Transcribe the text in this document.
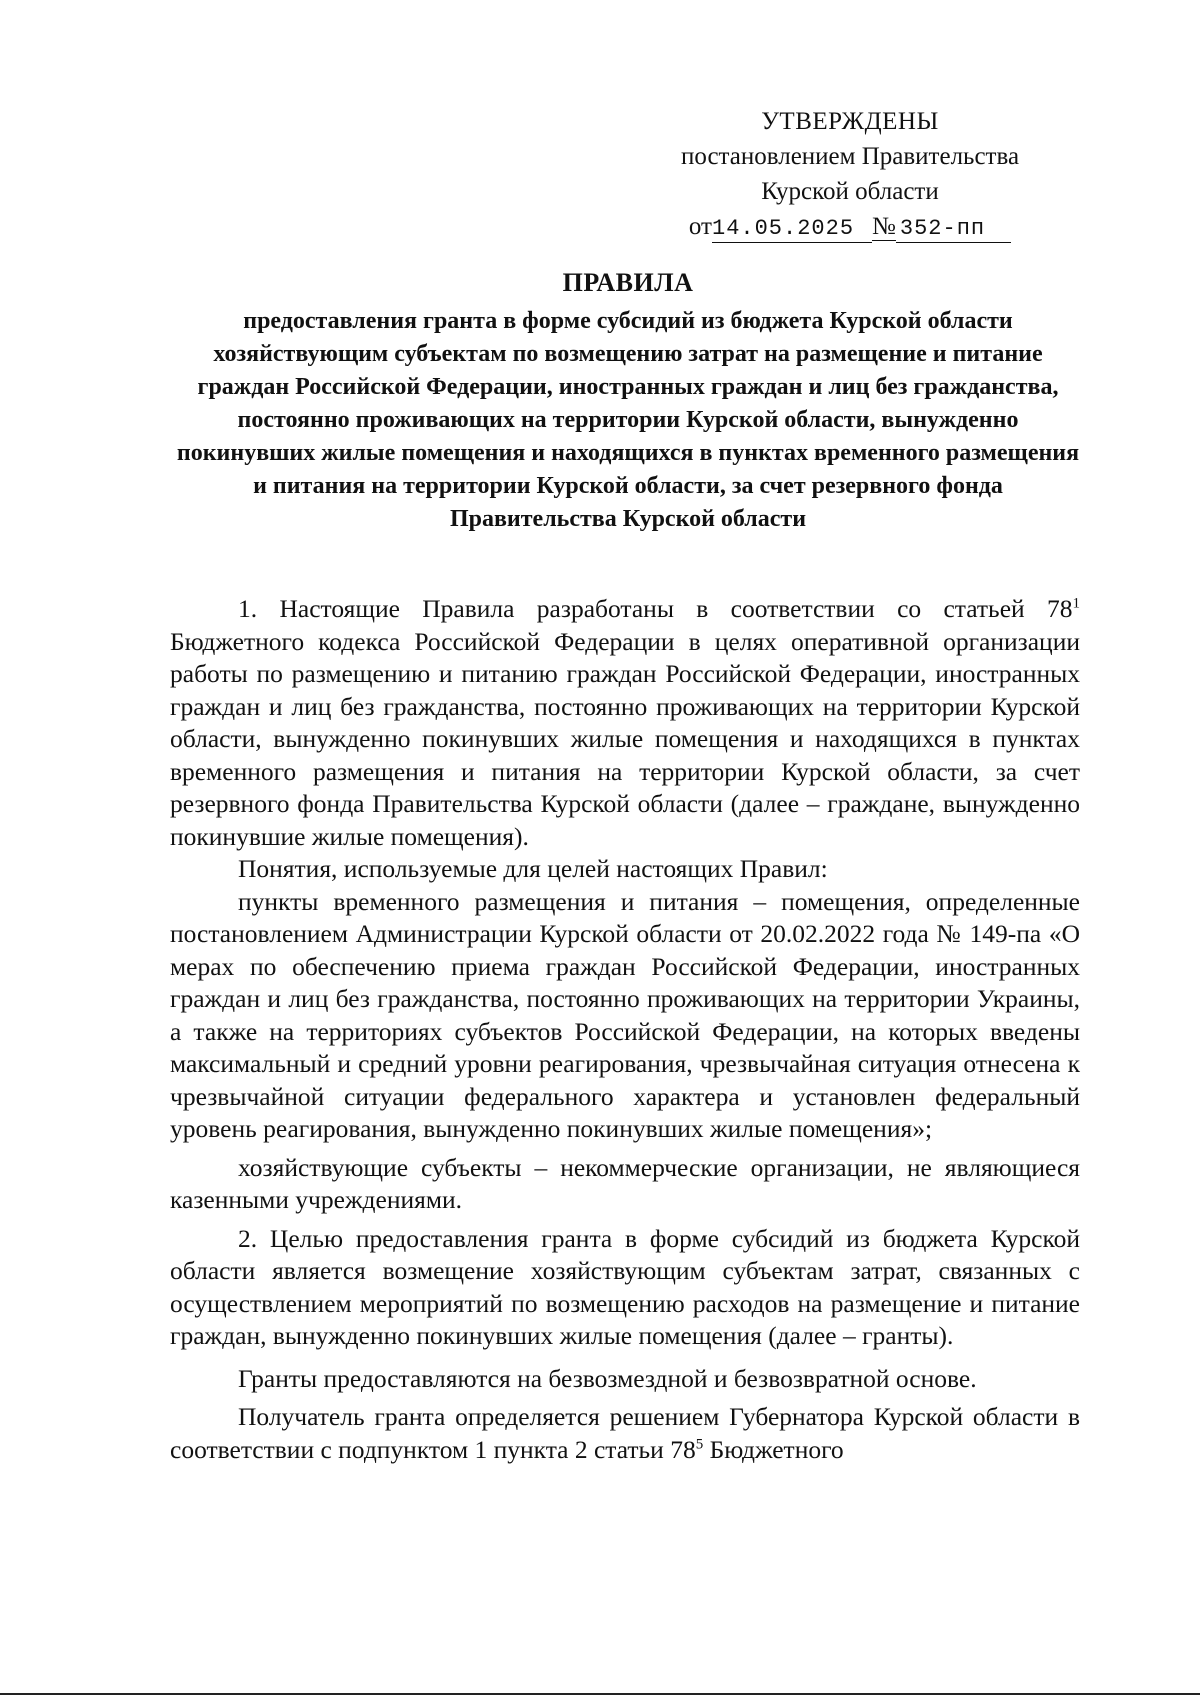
УТВЕРЖДЕНЫ
постановлением Правительства
Курской области
от14.05.2025 № 352-пп
ПРАВИЛА
предоставления гранта в форме субсидий из бюджета Курской области хозяйствующим субъектам по возмещению затрат на размещение и питание граждан Российской Федерации, иностранных граждан и лиц без гражданства, постоянно проживающих на территории Курской области, вынужденно покинувших жилые помещения и находящихся в пунктах временного размещения и питания на территории Курской области, за счет резервного фонда Правительства Курской области

1. Настоящие Правила разработаны в соответствии со статьей $78^1$ Бюджетного кодекса Российской Федерации в целях оперативной организации работы по размещению и питанию граждан Российской Федерации, иностранных граждан и лиц без гражданства, постоянно проживающих на территории Курской области, вынужденно покинувших жилые помещения и находящихся в пунктах временного размещения и питания на территории Курской области, за счет резервного фонда Правительства Курской области (далее – граждане, вынужденно покинувшие жилые помещения).

Понятия, используемые для целей настоящих Правил:

пункты временного размещения и питания – помещения, определенные постановлением Администрации Курской области от 20.02.2022 года № 149-па «О мерах по обеспечению приема граждан Российской Федерации, иностранных граждан и лиц без гражданства, постоянно проживающих на территории Украины, а также на территориях субъектов Российской Федерации, на которых введены максимальный и средний уровни реагирования, чрезвычайная ситуация отнесена к чрезвычайной ситуации федерального характера и установлен федеральный уровень реагирования, вынужденно покинувших жилые помещения»;

хозяйствующие субъекты – некоммерческие организации, не являющиеся казенными учреждениями.

2. Целью предоставления гранта в форме субсидий из бюджета Курской области является возмещение хозяйствующим субъектам затрат, связанных с осуществлением мероприятий по возмещению расходов на размещение и питание граждан, вынужденно покинувших жилые помещения (далее – гранты).

Гранты предоставляются на безвозмездной и безвозвратной основе.

Получатель гранта определяется решением Губернатора Курской области в соответствии с подпунктом 1 пункта 2 статьи $78^5$ Бюджетного
